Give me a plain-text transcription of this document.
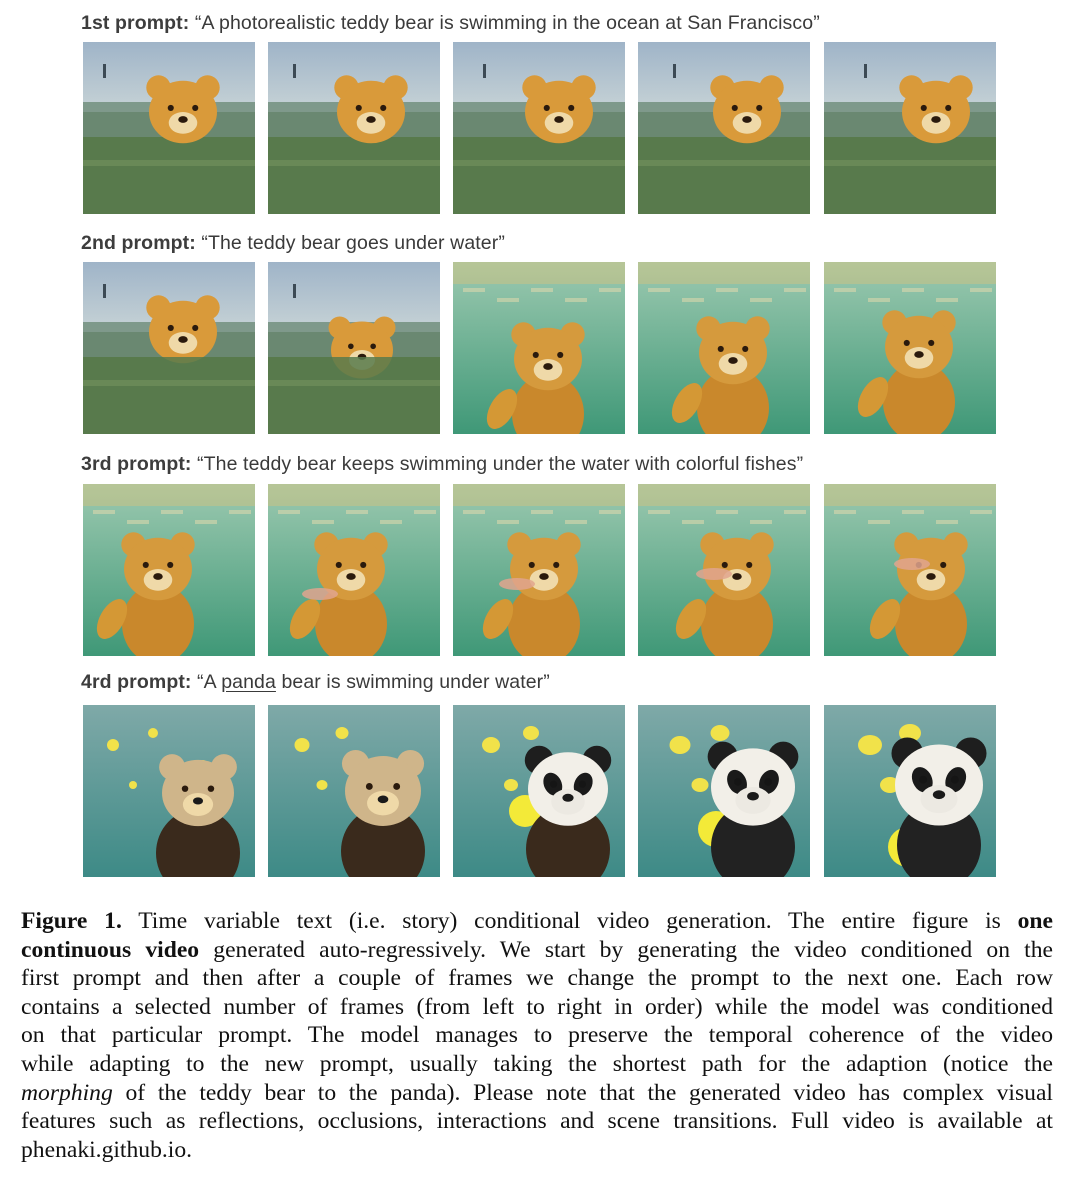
1st prompt: “A photorealistic teddy bear is swimming in the ocean at San Francisco”
2nd prompt: “The teddy bear goes under water”
3rd prompt: “The teddy bear keeps swimming under the water with colorful fishes”
4rd prompt: “A panda bear is swimming under water”
Figure 1. Time variable text (i.e. story) conditional video generation. The entire figure is one
continuous video generated auto-regressively. We start by generating the video conditioned on the
first prompt and then after a couple of frames we change the prompt to the next one. Each row
contains a selected number of frames (from left to right in order) while the model was conditioned
on that particular prompt. The model manages to preserve the temporal coherence of the video
while adapting to the new prompt, usually taking the shortest path for the adaption (notice the
morphing of the teddy bear to the panda). Please note that the generated video has complex visual
features such as reflections, occlusions, interactions and scene transitions. Full video is available at
phenaki.github.io.
